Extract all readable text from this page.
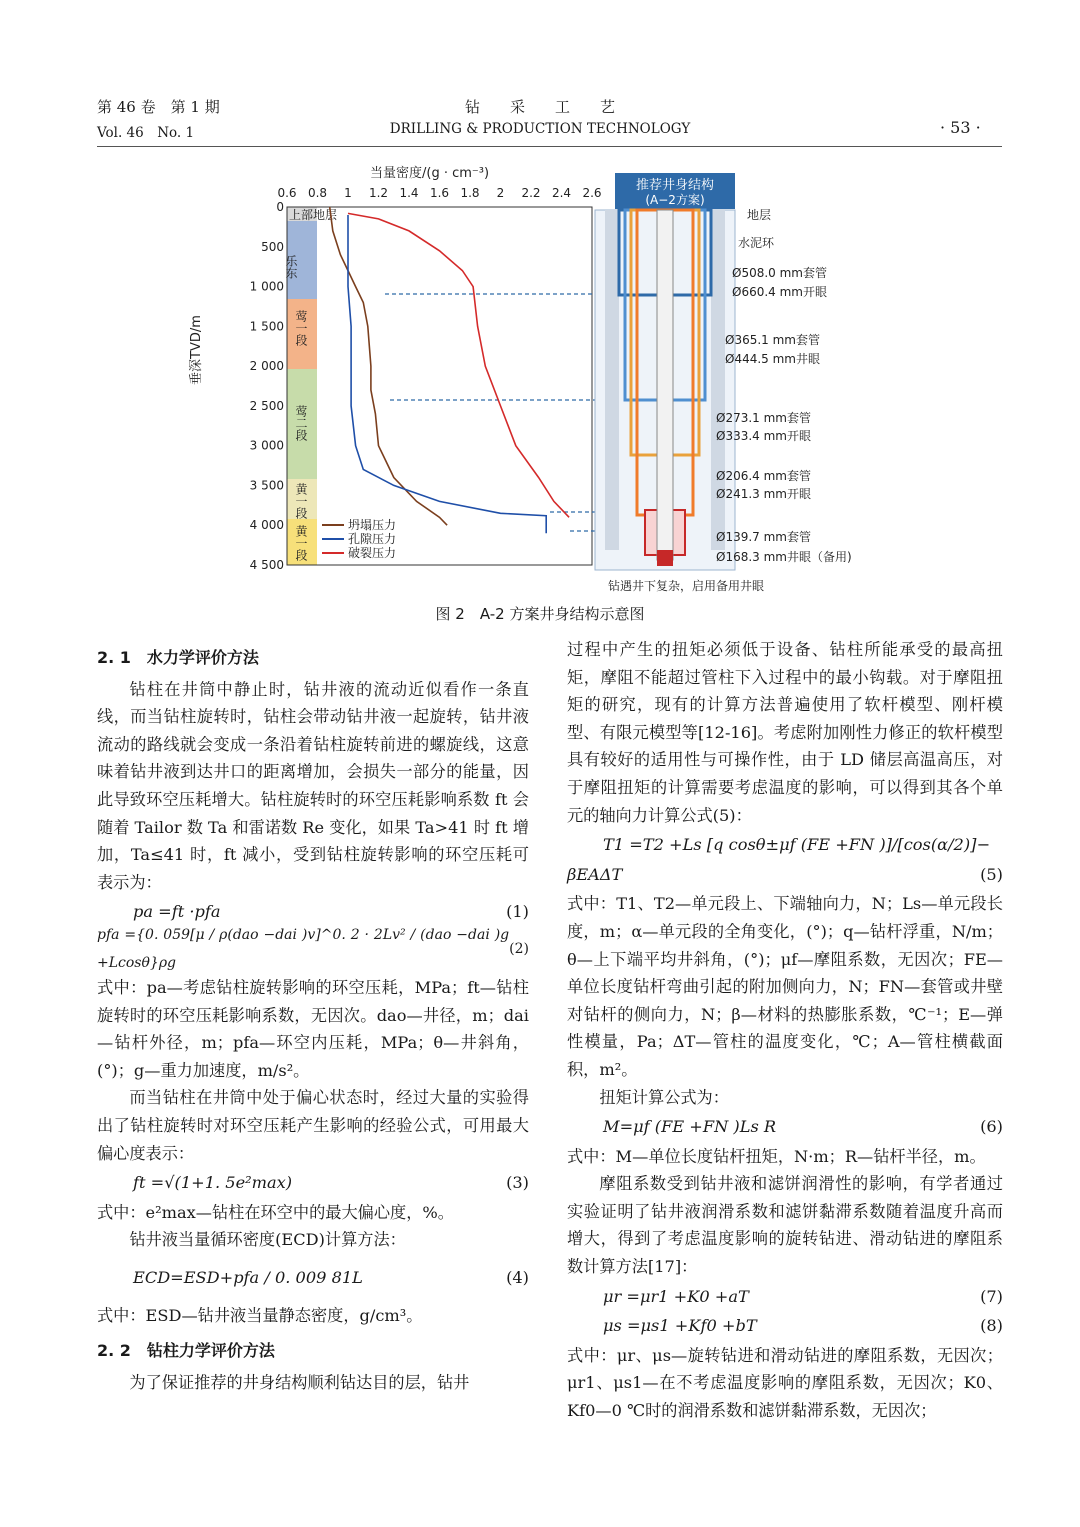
第 46 卷　第 1 期
Vol. 46　No. 1
钻　　采　　工　　艺
DRILLING & PRODUCTION TECHNOLOGY	· 53 ·
上部地层
乐东
莺一段
莺二段
黄一段
黄一段
0.6 0.8 1 1.2 1.4 1.6 1.8 2 2.2 2.4 2.6
0
500
1 000
1 500
2 000
2 500
3 000
3 500
4 000
4 500
当量密度/(g · cm⁻³)
垂深TVD/m
坍塌压力
孔隙压力
破裂压力
推荐井身结构
(A−2方案)
地层
水泥环
Ø508.0 mm套管
Ø660.4 mm开眼
Ø365.1 mm套管
Ø444.5 mm井眼
Ø273.1 mm套管
Ø333.4 mm开眼
Ø206.4 mm套管
Ø241.3 mm开眼
Ø139.7 mm套管
Ø168.3 mm井眼（备用)
钻遇井下复杂，启用备用井眼
图 2　A-2 方案井身结构示意图
2. 1　水力学评价方法

钻柱在井筒中静止时，钻井液的流动近似看作一条直线，而当钻柱旋转时，钻柱会带动钻井液一起旋转，钻井液流动的路线就会变成一条沿着钻柱旋转前进的螺旋线，这意味着钻井液到达井口的距离增加，会损失一部分的能量，因此导致环空压耗增大。钻柱旋转时的环空压耗影响系数 ft 会随着 Tailor 数 Ta 和雷诺数 Re 变化，如果 Ta>41 时 ft 增加，Ta≤41 时，ft 减小，受到钻柱旋转影响的环空压耗可表示为：

pa =ft ·pfa	(1)
pfa ={0. 059[μ / ρ(dao −dai )v]^0. 2 · 2Lv² / (dao −dai )g +Lcosθ}ρg
(2)

式中：pa—考虑钻柱旋转影响的环空压耗，MPa；ft—钻柱旋转时的环空压耗影响系数，无因次。dao—井径，m；dai—钻杆外径，m；pfa—环空内压耗，MPa；θ—井斜角，(°)；g—重力加速度，m/s²。

而当钻柱在井筒中处于偏心状态时，经过大量的实验得出了钻柱旋转时对环空压耗产生影响的经验公式，可用最大偏心度表示：

ft =√(1+1. 5e²max)	(3)

式中：e²max—钻柱在环空中的最大偏心度，%。

钻井液当量循环密度(ECD)计算方法：

ECD=ESD+pfa / 0. 009 81L	(4)

式中：ESD—钻井液当量静态密度，g/cm³。

2. 2　钻柱力学评价方法

为了保证推荐的井身结构顺利钻达目的层，钻井

过程中产生的扭矩必须低于设备、钻柱所能承受的最高扭矩，摩阻不能超过管柱下入过程中的最小钩载。对于摩阻扭矩的研究，现有的计算方法普遍使用了软杆模型、刚杆模型、有限元模型等[12-16]。考虑附加刚性力修正的软杆模型具有较好的适用性与可操作性，由于 LD 储层高温高压，对于摩阻扭矩的计算需要考虑温度的影响，可以得到其各个单元的轴向力计算公式(5)：

T1 =T2 +Ls [q cosθ±μf (FE +FN )]/[cos(α/2)]−
βEAΔT	(5)

式中：T1、T2—单元段上、下端轴向力，N；Ls—单元段长度，m；α—单元段的全角变化，(°)；q—钻杆浮重，N/m；θ—上下端平均井斜角，(°)；μf—摩阻系数，无因次；FE—单位长度钻杆弯曲引起的附加侧向力，N；FN—套管或井壁对钻杆的侧向力，N；β—材料的热膨胀系数，℃⁻¹；E—弹性模量，Pa；ΔT—管柱的温度变化，℃；A—管柱横截面积，m²。

扭矩计算公式为：

M=μf (FE +FN )Ls R	(6)

式中：M—单位长度钻杆扭矩，N·m；R—钻杆半径，m。

摩阻系数受到钻井液和滤饼润滑性的影响，有学者通过实验证明了钻井液润滑系数和滤饼黏滞系数随着温度升高而增大，得到了考虑温度影响的旋转钻进、滑动钻进的摩阻系数计算方法[17]：

μr =μr1 +K0 +aT	(7)
μs =μs1 +Kf0 +bT	(8)

式中：μr、μs—旋转钻进和滑动钻进的摩阻系数，无因次；μr1、μs1—在不考虑温度影响的摩阻系数，无因次；K0、Kf0—0 ℃时的润滑系数和滤饼黏滞系数，无因次；
